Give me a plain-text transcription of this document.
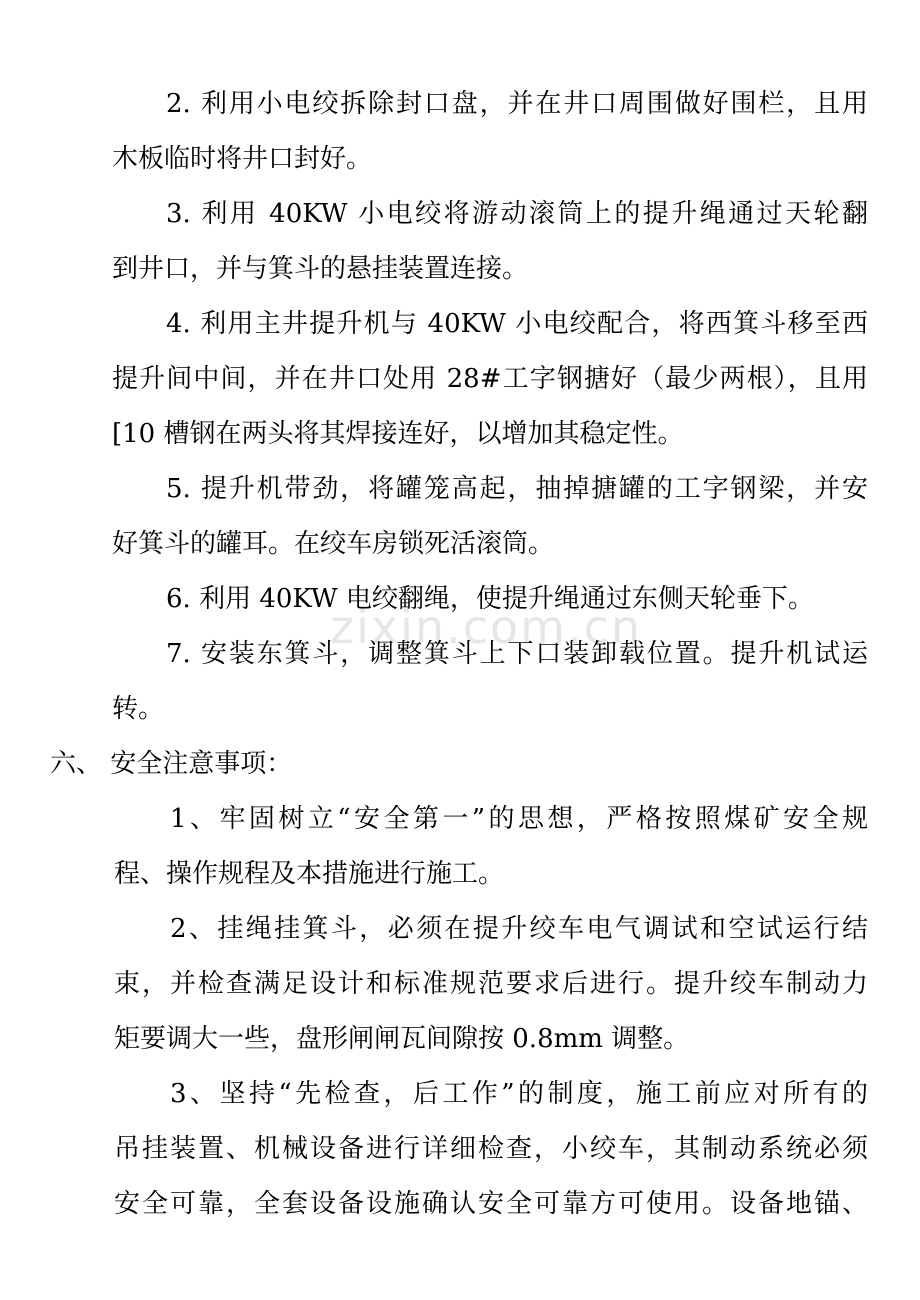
zixin.com.cn
2. 利用小电绞拆除封口盘，并在井口周围做好围栏，且用
木板临时将井口封好。
3. 利用 40KW 小电绞将游动滚筒上的提升绳通过天轮翻
到井口，并与箕斗的悬挂装置连接。
4. 利用主井提升机与 40KW 小电绞配合，将西箕斗移至西
提升间中间，并在井口处用 28#工字钢搪好（最少两根），且用
[10 槽钢在两头将其焊接连好，以增加其稳定性。
5. 提升机带劲，将罐笼高起，抽掉搪罐的工字钢梁，并安
好箕斗的罐耳。在绞车房锁死活滚筒。
6. 利用 40KW 电绞翻绳，使提升绳通过东侧天轮垂下。
7. 安装东箕斗，调整箕斗上下口装卸载位置。提升机试运
转。
六、 安全注意事项：
1、牢固树立“安全第一”的思想，严格按照煤矿安全规
程、操作规程及本措施进行施工。
2、挂绳挂箕斗，必须在提升绞车电气调试和空试运行结
束，并检查满足设计和标准规范要求后进行。提升绞车制动力
矩要调大一些，盘形闸闸瓦间隙按 0.8mm 调整。
3、坚持“先检查，后工作”的制度，施工前应对所有的
吊挂装置、机械设备进行详细检查，小绞车，其制动系统必须
安全可靠，全套设备设施确认安全可靠方可使用。设备地锚、
